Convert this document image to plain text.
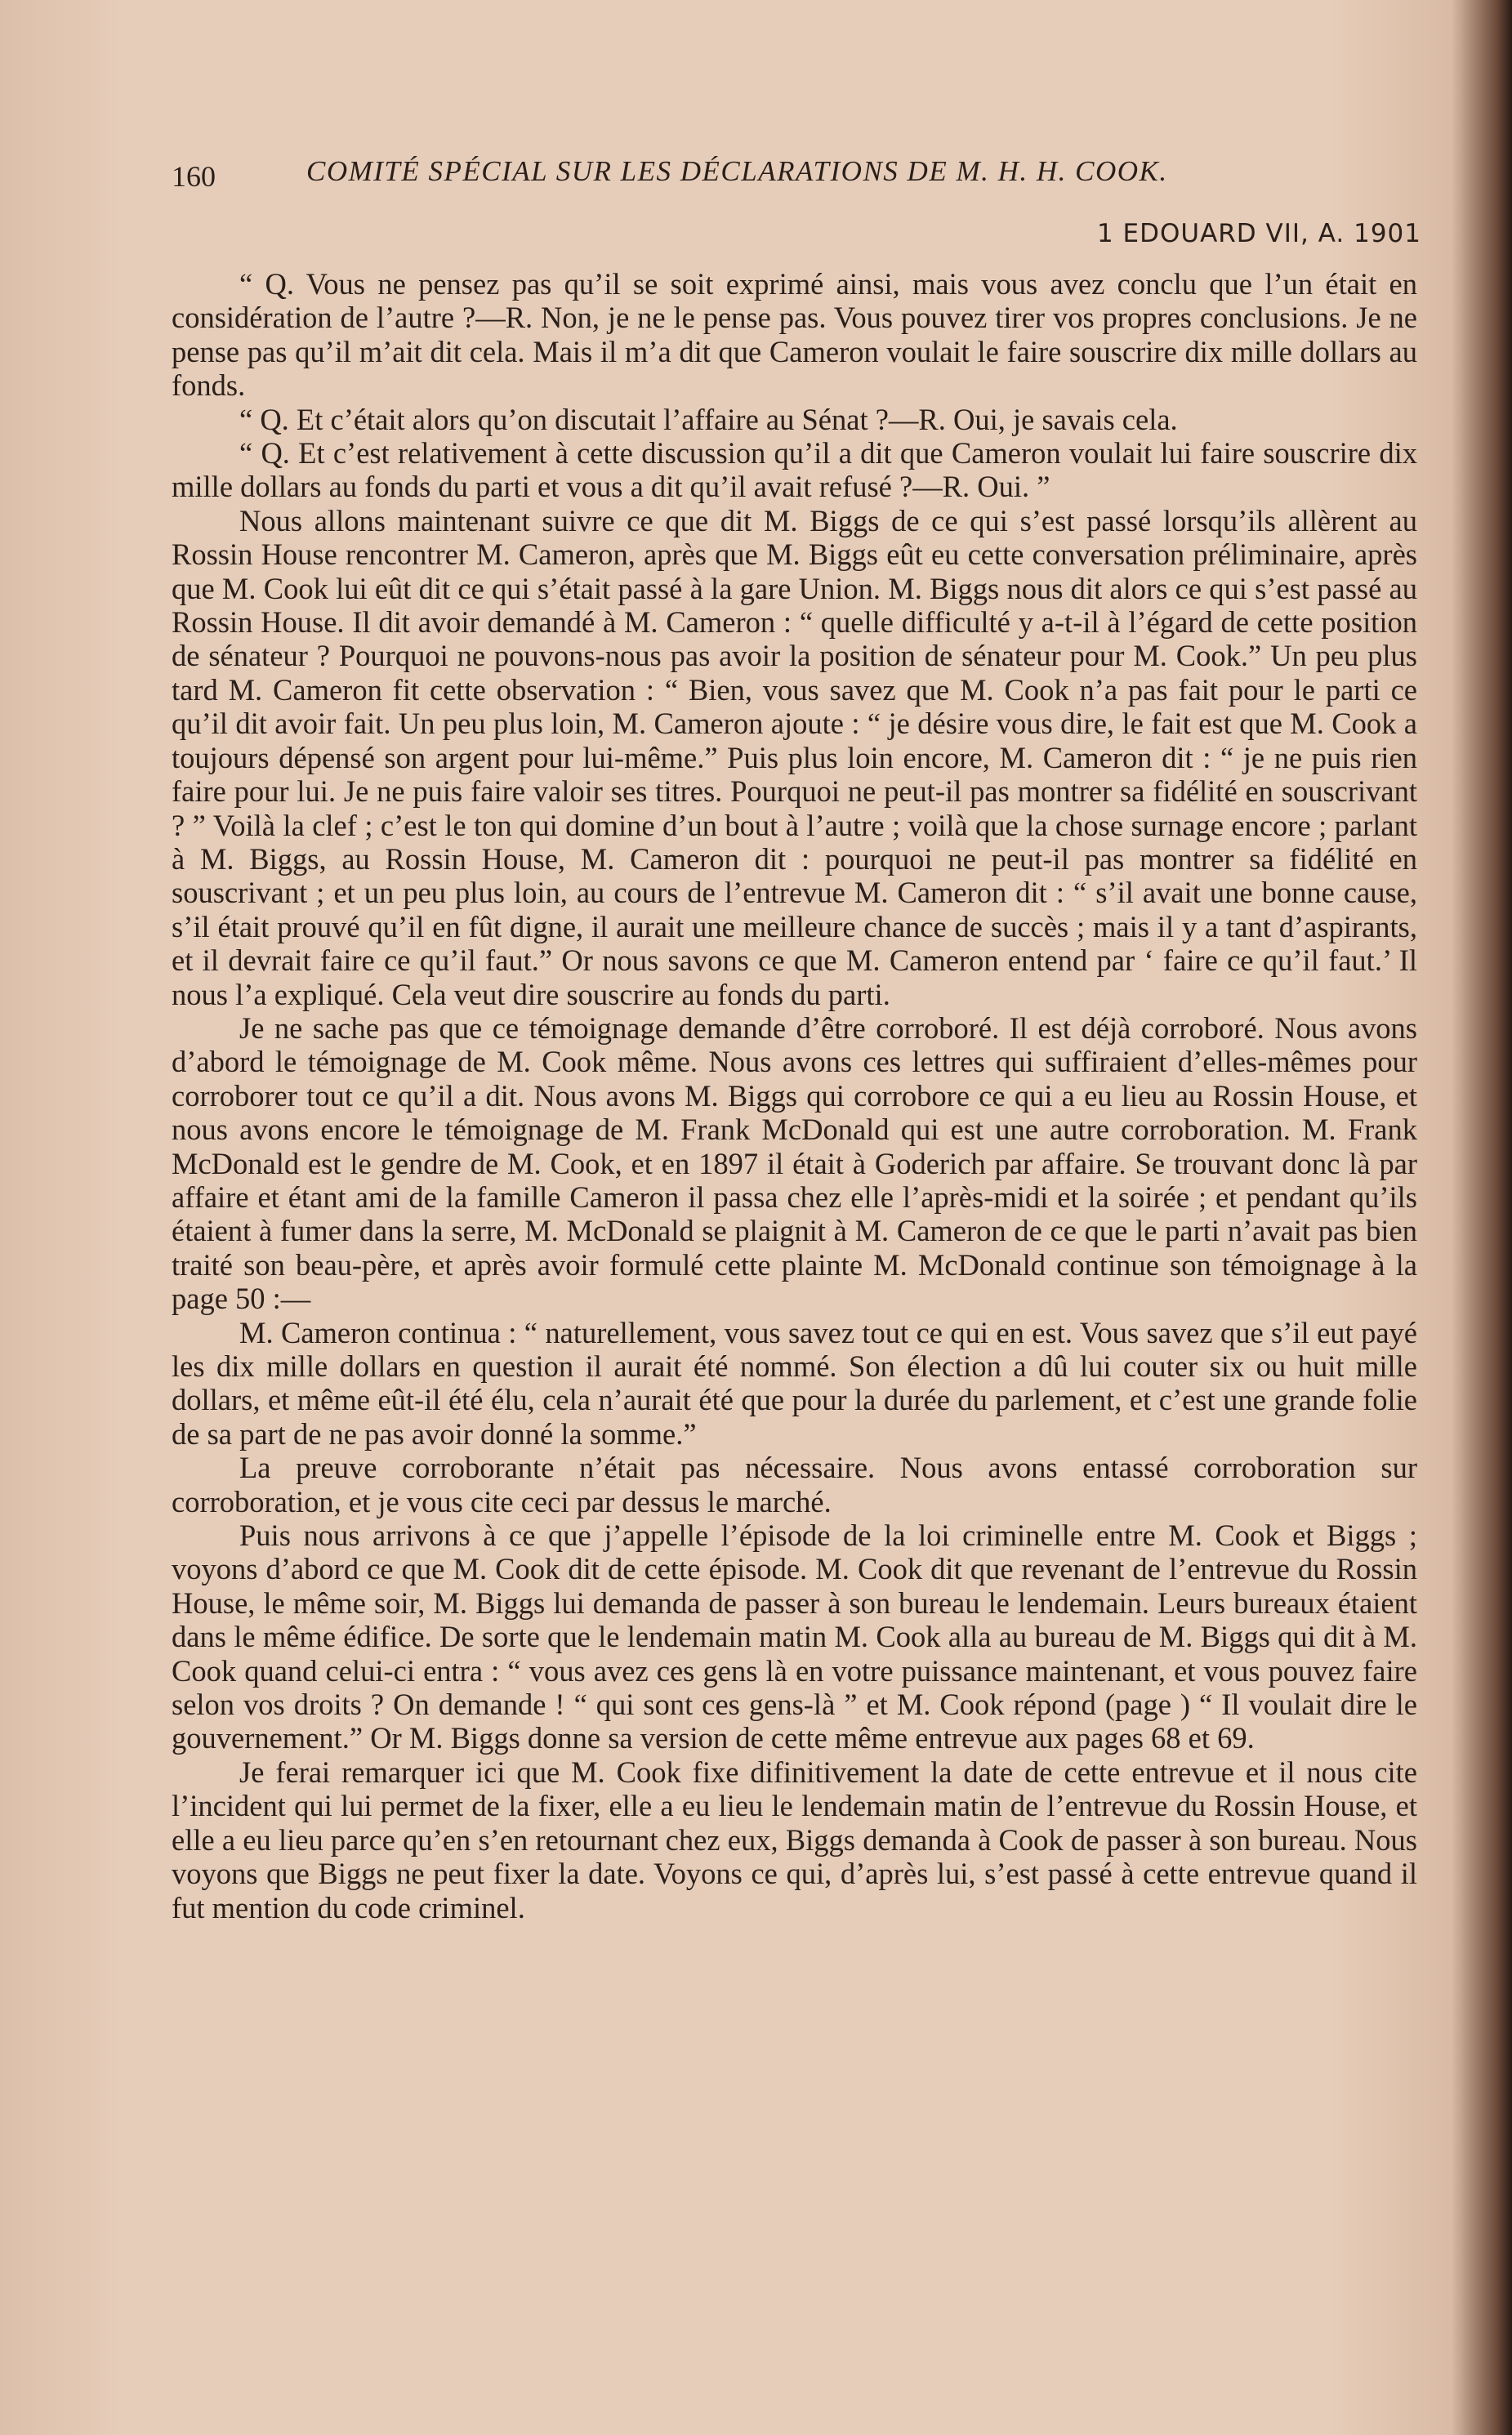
160	COMITÉ SPÉCIAL SUR LES DÉCLARATIONS DE M. H. H. COOK.
1 EDOUARD VII, A. 1901

“ Q. Vous ne pensez pas qu’il se soit exprimé ainsi, mais vous avez conclu que l’un était en considération de l’autre ?—R. Non, je ne le pense pas. Vous pouvez tirer vos propres conclusions. Je ne pense pas qu’il m’ait dit cela. Mais il m’a dit que Cameron voulait le faire souscrire dix mille dollars au fonds.

“ Q. Et c’était alors qu’on discutait l’affaire au Sénat ?—R. Oui, je savais cela.

“ Q. Et c’est relativement à cette discussion qu’il a dit que Cameron voulait lui faire souscrire dix mille dollars au fonds du parti et vous a dit qu’il avait refusé ?—R. Oui. ”

Nous allons maintenant suivre ce que dit M. Biggs de ce qui s’est passé lorsqu’ils allèrent au Rossin House rencontrer M. Cameron, après que M. Biggs eût eu cette conversation préliminaire, après que M. Cook lui eût dit ce qui s’était passé à la gare Union. M. Biggs nous dit alors ce qui s’est passé au Rossin House. Il dit avoir demandé à M. Cameron : “ quelle difficulté y a-t-il à l’égard de cette position de sénateur ? Pourquoi ne pouvons-nous pas avoir la position de sénateur pour M. Cook.” Un peu plus tard M. Cameron fit cette observation : “ Bien, vous savez que M. Cook n’a pas fait pour le parti ce qu’il dit avoir fait. Un peu plus loin, M. Cameron ajoute : “ je désire vous dire, le fait est que M. Cook a toujours dépensé son argent pour lui-même.” Puis plus loin encore, M. Cameron dit : “ je ne puis rien faire pour lui. Je ne puis faire valoir ses titres. Pourquoi ne peut-il pas montrer sa fidélité en souscrivant ? ” Voilà la clef ; c’est le ton qui domine d’un bout à l’autre ; voilà que la chose surnage encore ; parlant à M. Biggs, au Rossin House, M. Cameron dit : pourquoi ne peut-il pas montrer sa fidélité en souscrivant ; et un peu plus loin, au cours de l’entrevue M. Cameron dit : “ s’il avait une bonne cause, s’il était prouvé qu’il en fût digne, il aurait une meilleure chance de succès ; mais il y a tant d’aspirants, et il devrait faire ce qu’il faut.” Or nous savons ce que M. Cameron entend par ‘ faire ce qu’il faut.’ Il nous l’a expliqué. Cela veut dire souscrire au fonds du parti.

Je ne sache pas que ce témoignage demande d’être corroboré. Il est déjà corroboré. Nous avons d’abord le témoignage de M. Cook même. Nous avons ces lettres qui suffiraient d’elles-mêmes pour corroborer tout ce qu’il a dit. Nous avons M. Biggs qui corrobore ce qui a eu lieu au Rossin House, et nous avons encore le témoignage de M. Frank McDonald qui est une autre corroboration. M. Frank McDonald est le gendre de M. Cook, et en 1897 il était à Goderich par affaire. Se trouvant donc là par affaire et étant ami de la famille Cameron il passa chez elle l’après-midi et la soirée ; et pendant qu’ils étaient à fumer dans la serre, M. McDonald se plaignit à M. Cameron de ce que le parti n’avait pas bien traité son beau-père, et après avoir formulé cette plainte M. McDonald continue son témoignage à la page 50 :—

M. Cameron continua : “ naturellement, vous savez tout ce qui en est. Vous savez que s’il eut payé les dix mille dollars en question il aurait été nommé. Son élection a dû lui couter six ou huit mille dollars, et même eût-il été élu, cela n’aurait été que pour la durée du parlement, et c’est une grande folie de sa part de ne pas avoir donné la somme.”

La preuve corroborante n’était pas nécessaire. Nous avons entassé corroboration sur corroboration, et je vous cite ceci par dessus le marché.

Puis nous arrivons à ce que j’appelle l’épisode de la loi criminelle entre M. Cook et Biggs ; voyons d’abord ce que M. Cook dit de cette épisode. M. Cook dit que revenant de l’entrevue du Rossin House, le même soir, M. Biggs lui demanda de passer à son bureau le lendemain. Leurs bureaux étaient dans le même édifice. De sorte que le lendemain matin M. Cook alla au bureau de M. Biggs qui dit à M. Cook quand celui-ci entra : “ vous avez ces gens là en votre puissance maintenant, et vous pouvez faire selon vos droits ? On demande ! “ qui sont ces gens-là ” et M. Cook répond (page ) “ Il voulait dire le gouvernement.” Or M. Biggs donne sa version de cette même entrevue aux pages 68 et 69.

Je ferai remarquer ici que M. Cook fixe difinitivement la date de cette entrevue et il nous cite l’incident qui lui permet de la fixer, elle a eu lieu le lendemain matin de l’entrevue du Rossin House, et elle a eu lieu parce qu’en s’en retournant chez eux, Biggs demanda à Cook de passer à son bureau. Nous voyons que Biggs ne peut fixer la date. Voyons ce qui, d’après lui, s’est passé à cette entrevue quand il fut mention du code criminel.
